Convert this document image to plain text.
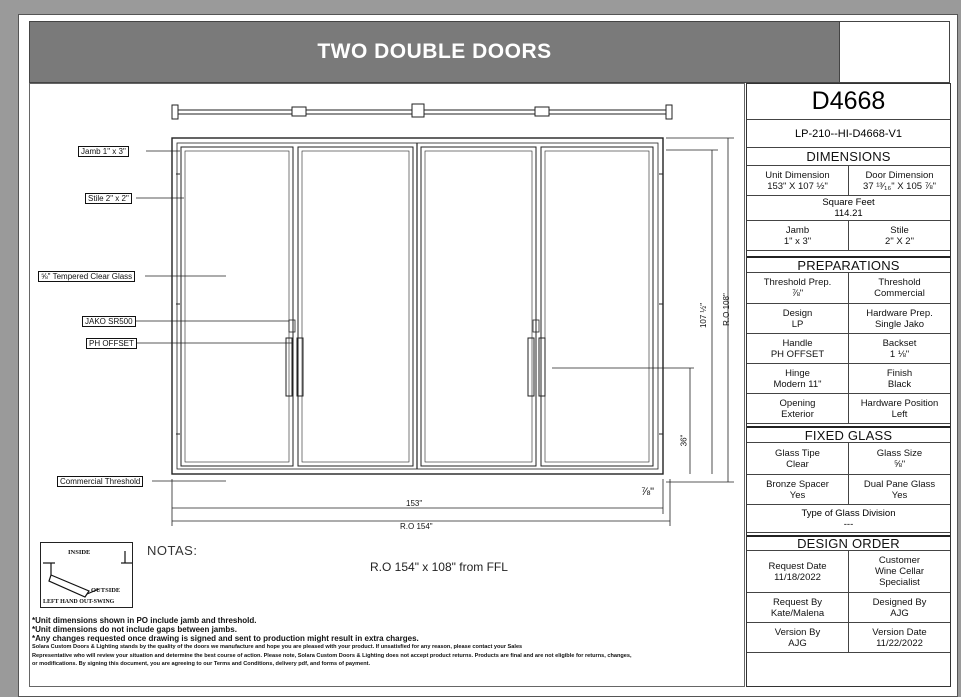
TWO DOUBLE DOORS
Jamb 1" x 3"
Stile 2" x 2"
⅝" Tempered Clear Glass
JAKO SR500
PH OFFSET
Commercial Threshold
153"
R.O 154"
107 ½" R.O 108"
36"
⅞"
NOTAS:
R.O 154" x 108" from FFL
INSIDE
OUTSIDE
LEFT HAND OUT-SWING
*Unit dimensions shown in PO include jamb and threshold.
*Unit dimensions do not include gaps between jambs.
*Any changes requested once drawing is signed and sent to production might result in extra charges.
Solara Custom Doors & Lighting stands by the quality of the doors we manufacture and hope you are pleased with your product. If unsatisfied for any reason, please contact your Sales
Representative who will review your situation and determine the best course of action. Please note, Solara Custom Doors & Lighting does not accept product returns. Products are final and are not eligible for returns, changes,
or modifications. By signing this document, you are agreeing to our Terms and Conditions, delivery pdf, and forms of payment.
D4668
LP-210--HI-D4668-V1
DIMENSIONS
Unit Dimension
153" X 107 ½"
Door Dimension
37 ¹³⁄₁₆" X 105 ⅞"
Square Feet
114.21
Jamb
1" x 3"
Stile
2" X 2"
PREPARATIONS
Threshold Prep.
⅞"
Threshold
Commercial
Design
LP
Hardware Prep.
Single Jako
Handle
PH OFFSET
Backset
1 ⅛"
Hinge
Modern 11"
Finish
Black
Opening
Exterior
Hardware Position
Left
FIXED GLASS
Glass Tipe
Clear
Glass Size
⅝"
Bronze Spacer
Yes
Dual Pane Glass
Yes
Type of Glass Division
---
DESIGN ORDER
Request Date
11/18/2022
Customer
Wine Cellar Specialist
Request By
Kate/Malena
Designed By
AJG
Version By
AJG
Version Date
11/22/2022
